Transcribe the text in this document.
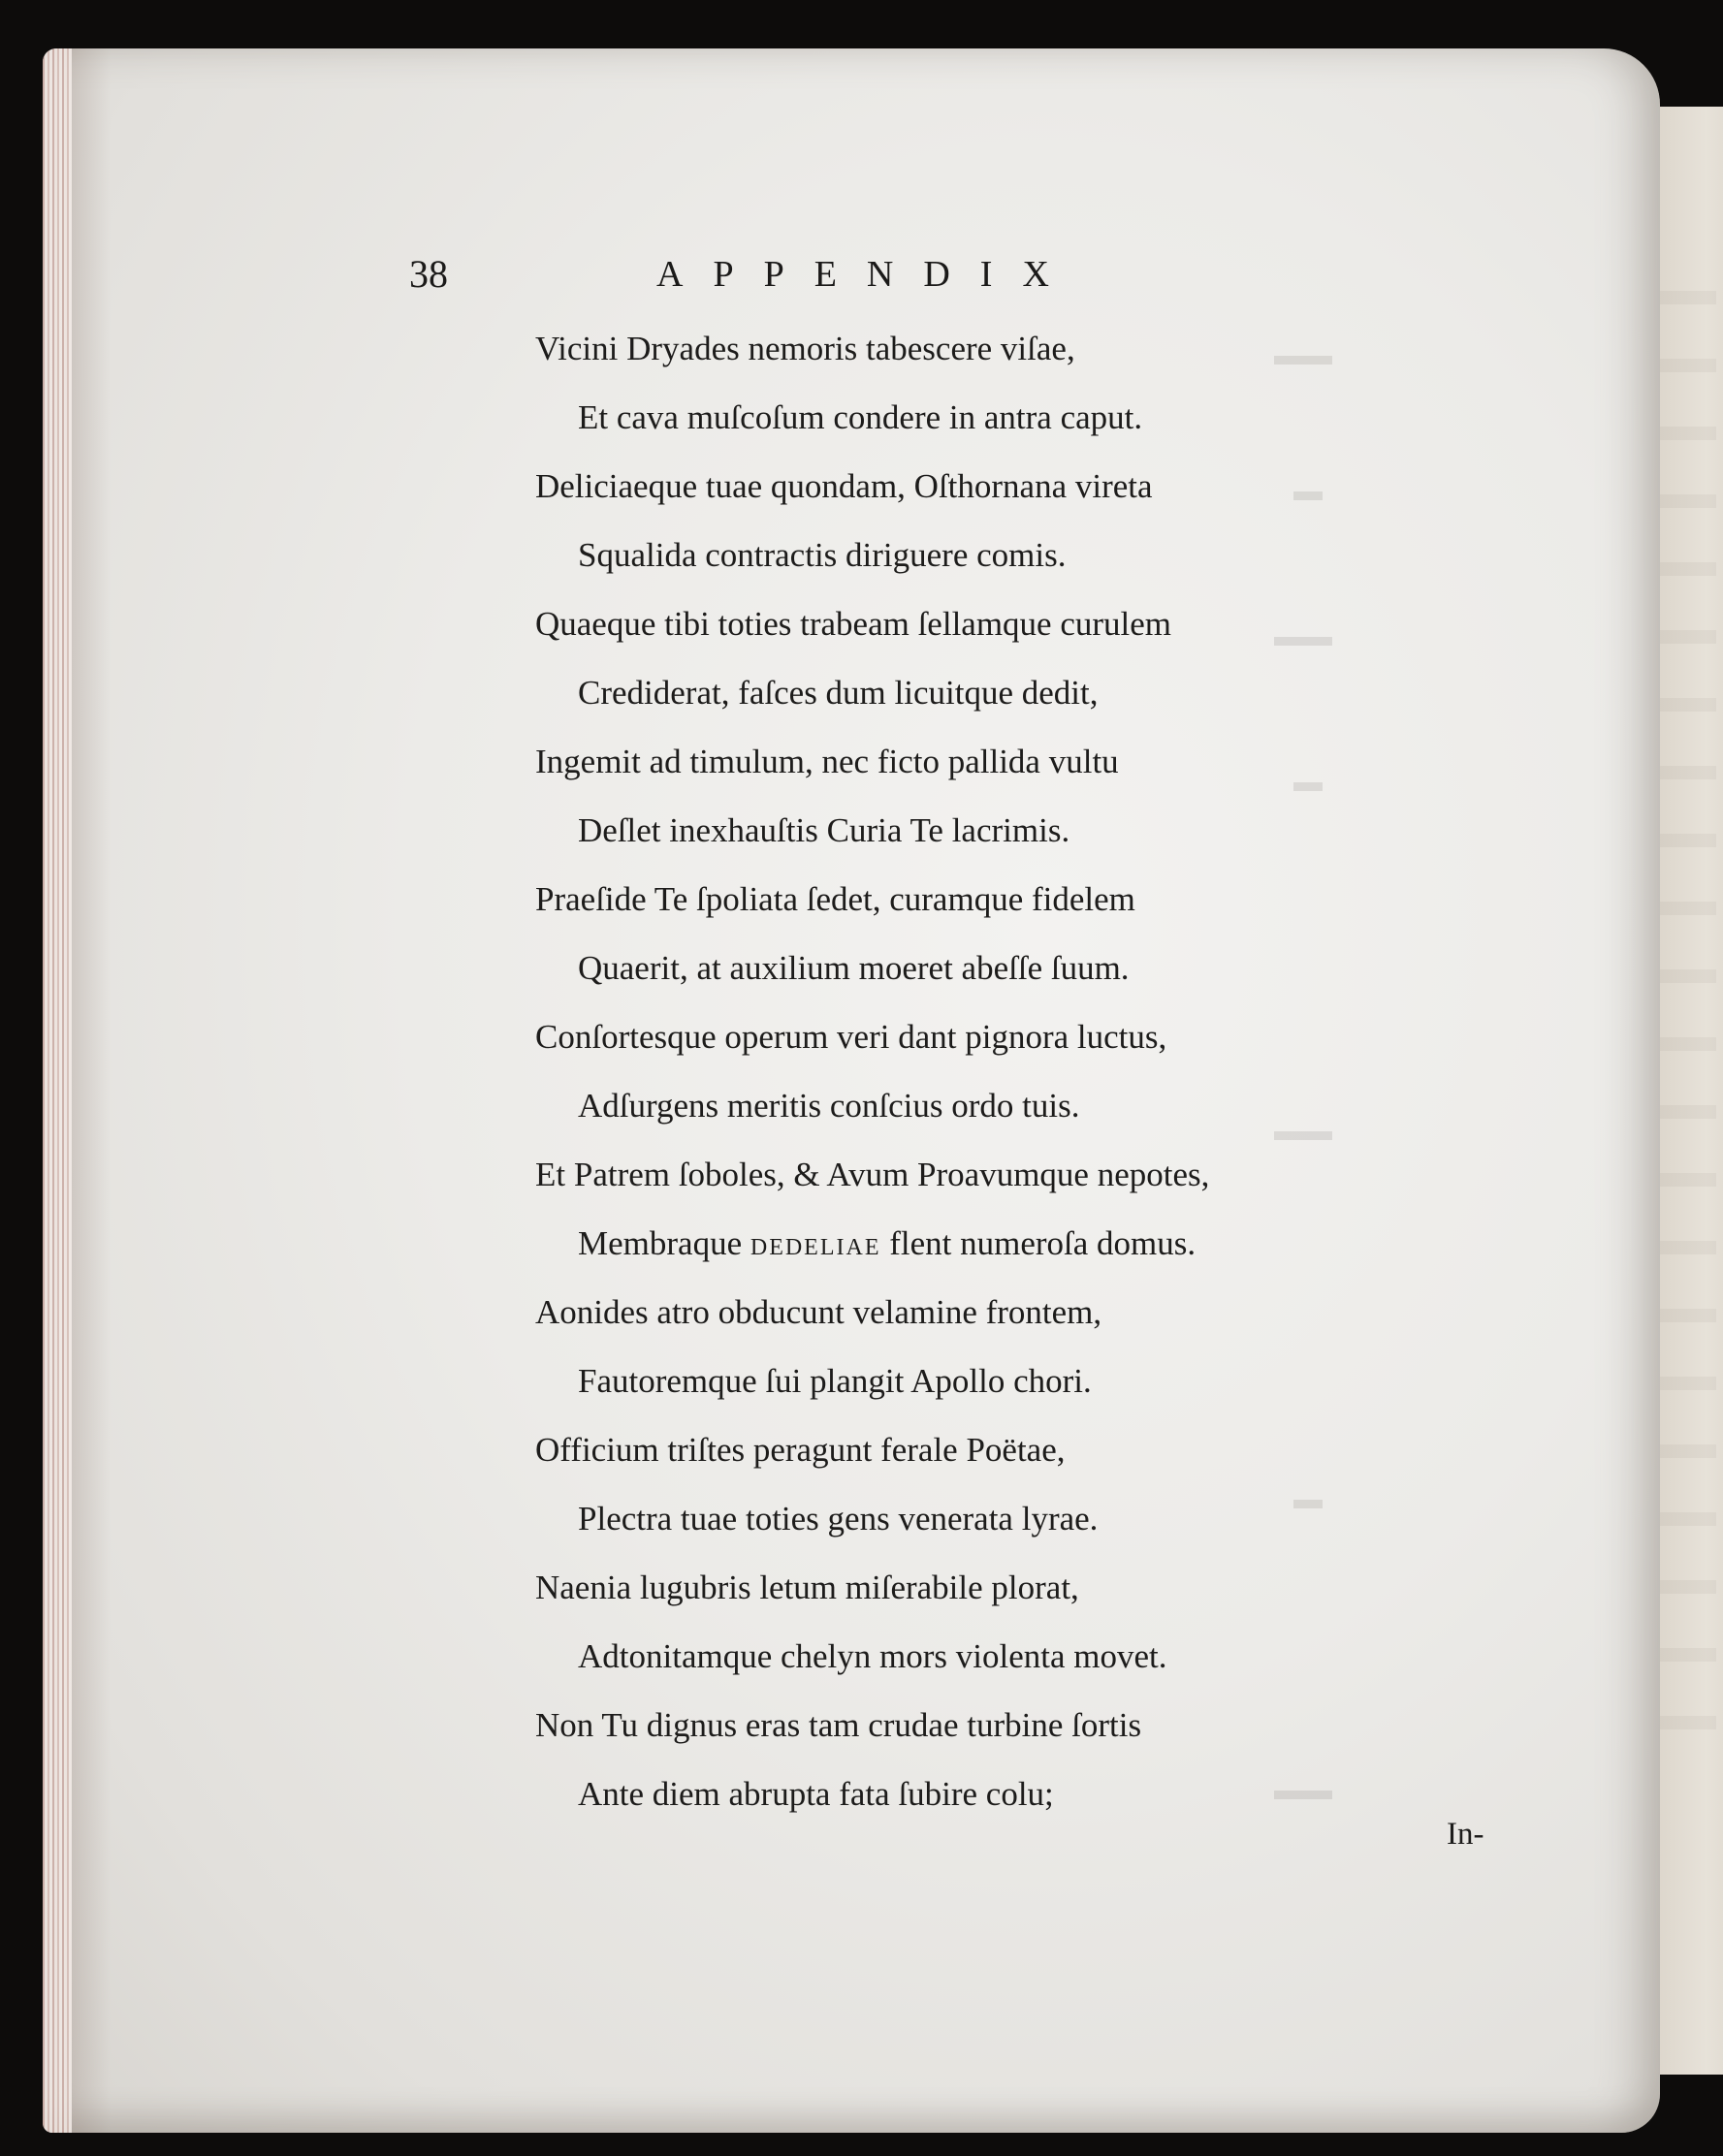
▬▬
▬
▬▬
▬
▬▬
▬
▬▬
38	APPENDIX
Vicini Dryades nemoris tabescere viſae,
Et cava muſcoſum condere in antra caput.
Deliciaeque tuae quondam, Oſthornana vireta
Squalida contractis diriguere comis.
Quaeque tibi toties trabeam ſellamque curulem
Crediderat, faſces dum licuitque dedit,
Ingemit ad timulum, nec ficto pallida vultu
Deſlet inexhauſtis Curia Te lacrimis.
Praeſide Te ſpoliata ſedet, curamque fidelem
Quaerit, at auxilium moeret abeſſe ſuum.
Conſortesque operum veri dant pignora luctus,
Adſurgens meritis conſcius ordo tuis.
Et Patrem ſoboles, & Avum Proavumque nepotes,
Membraque DEDELIAE flent numeroſa domus.
Aonides atro obducunt velamine frontem,
Fautoremque ſui plangit Apollo chori.
Officium triſtes peragunt ferale Poëtae,
Plectra tuae toties gens venerata lyrae.
Naenia lugubris letum miſerabile plorat,
Adtonitamque chelyn mors violenta movet.
Non Tu dignus eras tam crudae turbine ſortis
Ante diem abrupta fata ſubire colu;
In-
